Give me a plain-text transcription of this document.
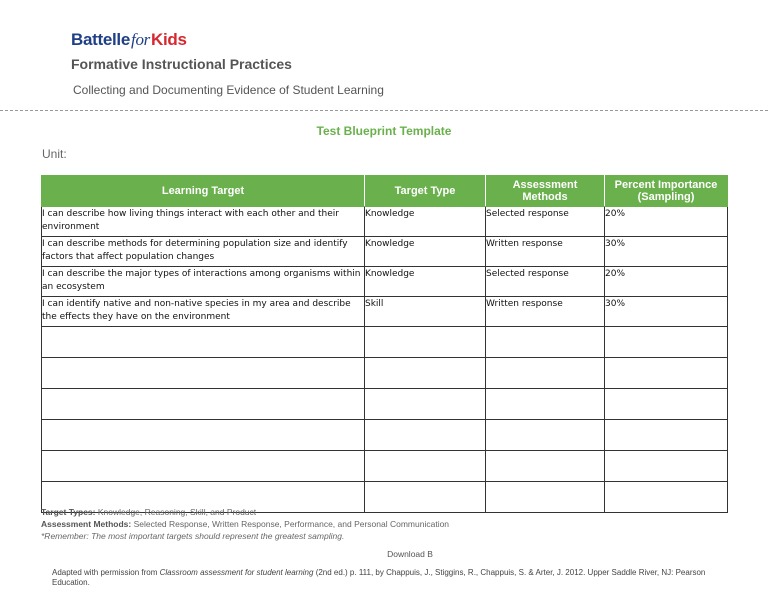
BattelleforKids
Formative Instructional Practices
Collecting and Documenting Evidence of Student Learning
Test Blueprint Template
Unit:
Learning Target	Target Type	Assessment Methods	Percent Importance (Sampling)
I can describe how living things interact with each other and their environment	Knowledge	Selected response	20%
I can describe methods for determining population size and identify factors that affect population changes	Knowledge	Written response	30%
I can describe the major types of interactions among organisms within an ecosystem	Knowledge	Selected response	20%
I can identify native and non-native species in my area and describe the effects they have on the environment	Skill	Written response	30%

Target Types: Knowledge, Reasoning, Skill, and Product
Assessment Methods: Selected Response, Written Response, Performance, and Personal Communication
*Remember: The most important targets should represent the greatest sampling.
Download B
Adapted with permission from Classroom assessment for student learning (2nd ed.) p. 111, by Chappuis, J., Stiggins, R., Chappuis, S. & Arter, J. 2012. Upper Saddle River, NJ: Pearson Education.
